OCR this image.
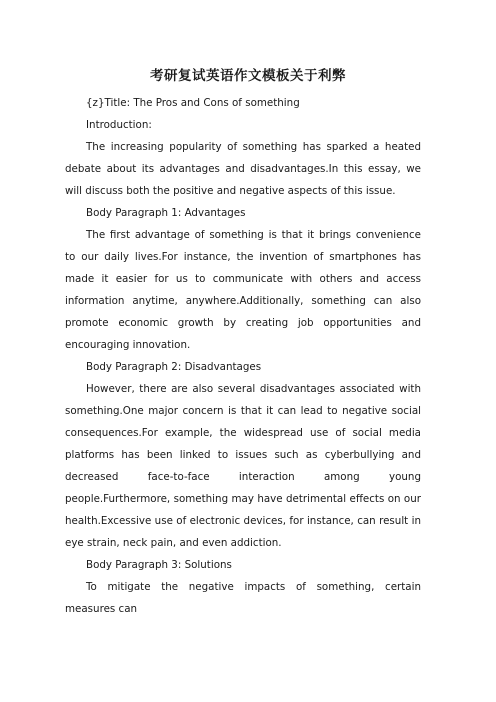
考研复试英语作文模板关于利弊

{z}Title: The Pros and Cons of something

Introduction:

The increasing popularity of something has sparked a heated debate about its advantages and disadvantages.In this essay, we will discuss both the positive and negative aspects of this issue.

Body Paragraph 1: Advantages

The first advantage of something is that it brings convenience to our daily lives.For instance, the invention of smartphones has made it easier for us to communicate with others and access information anytime, anywhere.Additionally, something can also promote economic growth by creating job opportunities and encouraging innovation.

Body Paragraph 2: Disadvantages

However, there are also several disadvantages associated with something.One major concern is that it can lead to negative social consequences.For example, the widespread use of social media platforms has been linked to issues such as cyberbullying and decreased face-to-face interaction among young people.Furthermore, something may have detrimental effects on our health.Excessive use of electronic devices, for instance, can result in eye strain, neck pain, and even addiction.

Body Paragraph 3: Solutions

To mitigate the negative impacts of something, certain measures can
